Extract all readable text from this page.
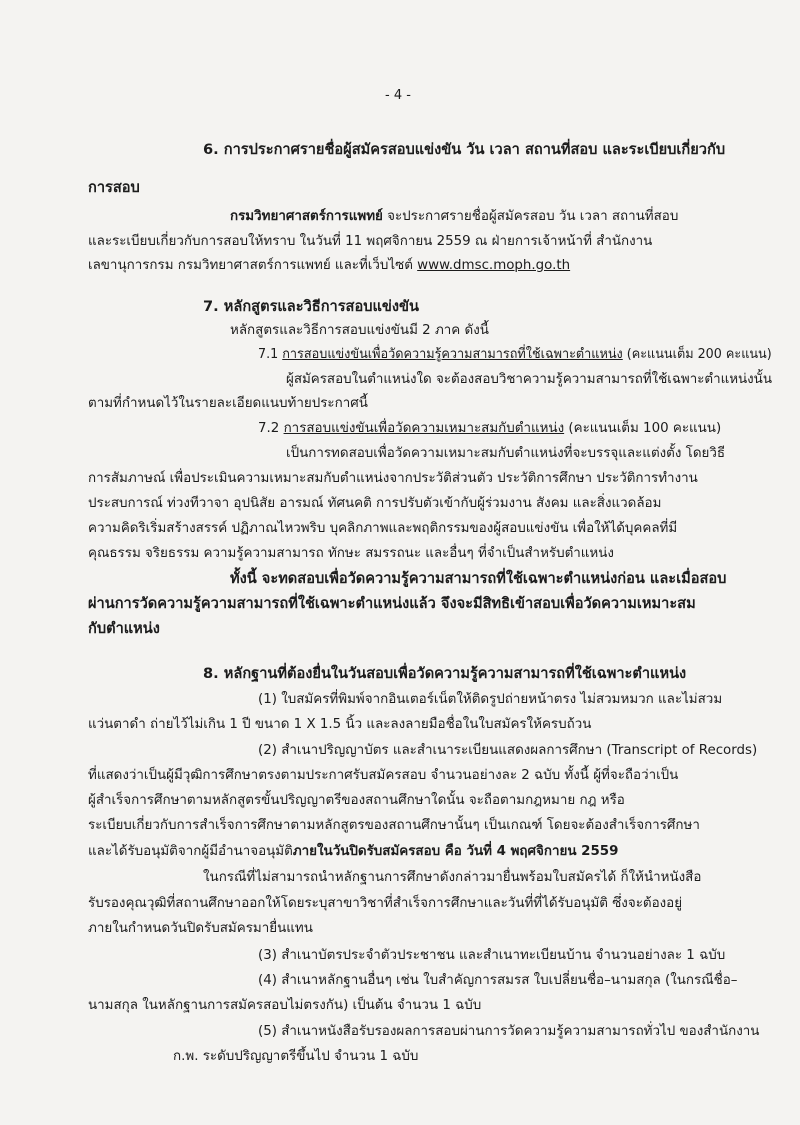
- 4 -

6. การประกาศรายชื่อผู้สมัครสอบแข่งขัน วัน เวลา สถานที่สอบ และระเบียบเกี่ยวกับ

การสอบ

กรมวิทยาศาสตร์การแพทย์ จะประกาศรายชื่อผู้สมัครสอบ วัน เวลา สถานที่สอบ

และระเบียบเกี่ยวกับการสอบให้ทราบ ในวันที่ 11 พฤศจิกายน 2559 ณ ฝ่ายการเจ้าหน้าที่ สำนักงาน

เลขานุการกรม กรมวิทยาศาสตร์การแพทย์ และที่เว็บไซต์ www.dmsc.moph.go.th

7. หลักสูตรและวิธีการสอบแข่งขัน

หลักสูตรและวิธีการสอบแข่งขันมี 2 ภาค ดังนี้

7.1 การสอบแข่งขันเพื่อวัดความรู้ความสามารถที่ใช้เฉพาะตำแหน่ง (คะแนนเต็ม 200 คะแนน)

ผู้สมัครสอบในตำแหน่งใด จะต้องสอบวิชาความรู้ความสามารถที่ใช้เฉพาะตำแหน่งนั้น

ตามที่กำหนดไว้ในรายละเอียดแนบท้ายประกาศนี้

7.2 การสอบแข่งขันเพื่อวัดความเหมาะสมกับตำแหน่ง (คะแนนเต็ม 100 คะแนน)

เป็นการทดสอบเพื่อวัดความเหมาะสมกับตำแหน่งที่จะบรรจุและแต่งตั้ง โดยวิธี

การสัมภาษณ์ เพื่อประเมินความเหมาะสมกับตำแหน่งจากประวัติส่วนตัว ประวัติการศึกษา ประวัติการทำงาน

ประสบการณ์ ท่วงทีวาจา อุปนิสัย อารมณ์ ทัศนคติ การปรับตัวเข้ากับผู้ร่วมงาน สังคม และสิ่งแวดล้อม

ความคิดริเริ่มสร้างสรรค์ ปฏิภาณไหวพริบ บุคลิกภาพและพฤติกรรมของผู้สอบแข่งขัน เพื่อให้ได้บุคคลที่มี

คุณธรรม จริยธรรม ความรู้ความสามารถ ทักษะ สมรรถนะ และอื่นๆ ที่จำเป็นสำหรับตำแหน่ง

ทั้งนี้ จะทดสอบเพื่อวัดความรู้ความสามารถที่ใช้เฉพาะตำแหน่งก่อน และเมื่อสอบ

ผ่านการวัดความรู้ความสามารถที่ใช้เฉพาะตำแหน่งแล้ว จึงจะมีสิทธิเข้าสอบเพื่อวัดความเหมาะสม

กับตำแหน่ง

8. หลักฐานที่ต้องยื่นในวันสอบเพื่อวัดความรู้ความสามารถที่ใช้เฉพาะตำแหน่ง

(1) ใบสมัครที่พิมพ์จากอินเตอร์เน็ตให้ติดรูปถ่ายหน้าตรง ไม่สวมหมวก และไม่สวม

แว่นตาดำ ถ่ายไว้ไม่เกิน 1 ปี ขนาด 1 X 1.5 นิ้ว และลงลายมือชื่อในใบสมัครให้ครบถ้วน

(2) สำเนาปริญญาบัตร และสำเนาระเบียนแสดงผลการศึกษา (Transcript of Records)

ที่แสดงว่าเป็นผู้มีวุฒิการศึกษาตรงตามประกาศรับสมัครสอบ จำนวนอย่างละ 2 ฉบับ ทั้งนี้ ผู้ที่จะถือว่าเป็น

ผู้สำเร็จการศึกษาตามหลักสูตรขั้นปริญญาตรีของสถานศึกษาใดนั้น จะถือตามกฎหมาย กฎ หรือ

ระเบียบเกี่ยวกับการสำเร็จการศึกษาตามหลักสูตรของสถานศึกษานั้นๆ เป็นเกณฑ์ โดยจะต้องสำเร็จการศึกษา

และได้รับอนุมัติจากผู้มีอำนาจอนุมัติภายในวันปิดรับสมัครสอบ คือ วันที่ 4 พฤศจิกายน 2559

ในกรณีที่ไม่สามารถนำหลักฐานการศึกษาดังกล่าวมายื่นพร้อมใบสมัครได้ ก็ให้นำหนังสือ

รับรองคุณวุฒิที่สถานศึกษาออกให้โดยระบุสาขาวิชาที่สำเร็จการศึกษาและวันที่ที่ได้รับอนุมัติ ซึ่งจะต้องอยู่

ภายในกำหนดวันปิดรับสมัครมายื่นแทน

(3) สำเนาบัตรประจำตัวประชาชน และสำเนาทะเบียนบ้าน จำนวนอย่างละ 1 ฉบับ

(4) สำเนาหลักฐานอื่นๆ เช่น ใบสำคัญการสมรส ใบเปลี่ยนชื่อ–นามสกุล (ในกรณีชื่อ–

นามสกุล ในหลักฐานการสมัครสอบไม่ตรงกัน) เป็นต้น จำนวน 1 ฉบับ

(5) สำเนาหนังสือรับรองผลการสอบผ่านการวัดความรู้ความสามารถทั่วไป ของสำนักงาน

ก.พ. ระดับปริญญาตรีขึ้นไป จำนวน 1 ฉบับ
